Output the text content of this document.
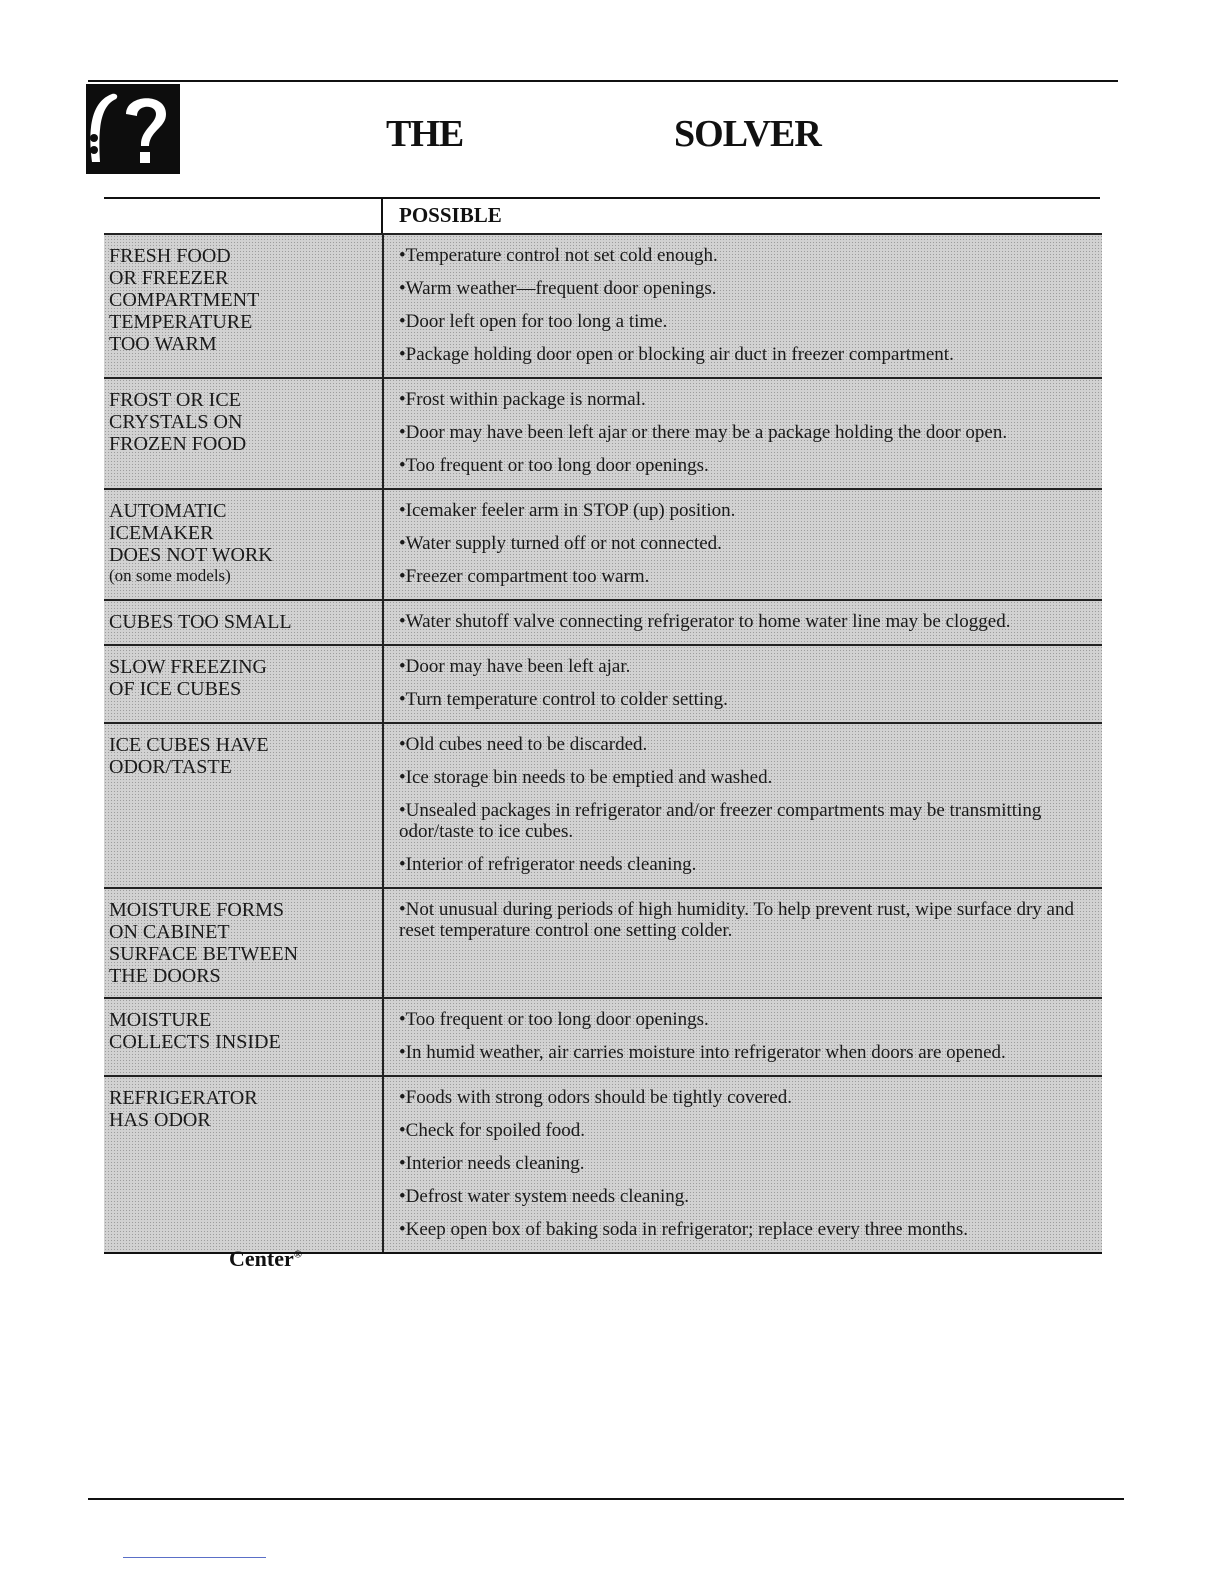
THE	SOLVER
POSSIBLE
FRESH FOOD
OR FREEZER
COMPARTMENT
TEMPERATURE
TOO WARM
• Temperature control not set cold enough.
• Warm weather—frequent door openings.
• Door left open for too long a time.
• Package holding door open or blocking air duct in freezer compartment.
FROST OR ICE
CRYSTALS ON
FROZEN FOOD
• Frost within package is normal.
• Door may have been left ajar or there may be a package holding the door open.
• Too frequent or too long door openings.
AUTOMATIC
ICEMAKER
DOES NOT WORK
(on some models)
• Icemaker feeler arm in STOP (up) position.
• Water supply turned off or not connected.
• Freezer compartment too warm.
CUBES TOO SMALL
•	Water shutoff valve connecting refrigerator to home water line may be clogged.
SLOW FREEZING
OF ICE CUBES
• Door may have been left ajar.
• Turn temperature control to colder setting.
ICE CUBES HAVE
ODOR/TASTE
• Old cubes need to be discarded.
• Ice storage bin needs to be emptied and washed.
• Unsealed packages in refrigerator and/or freezer compartments may be transmitting odor/taste to ice cubes.
• Interior of refrigerator needs cleaning.
MOISTURE FORMS
ON CABINET
SURFACE BETWEEN
THE DOORS
• Not unusual during periods of high humidity. To help prevent rust, wipe surface dry and reset temperature control one setting colder.
MOISTURE
COLLECTS INSIDE
• Too frequent or too long door openings.
• In humid weather, air carries moisture into refrigerator when doors are opened.
REFRIGERATOR
HAS ODOR
• Foods with strong odors should be tightly covered.
• Check for spoiled food.
• Interior needs cleaning.
• Defrost water system needs cleaning.
• Keep open box of baking soda in refrigerator; replace every three months.
Center®
